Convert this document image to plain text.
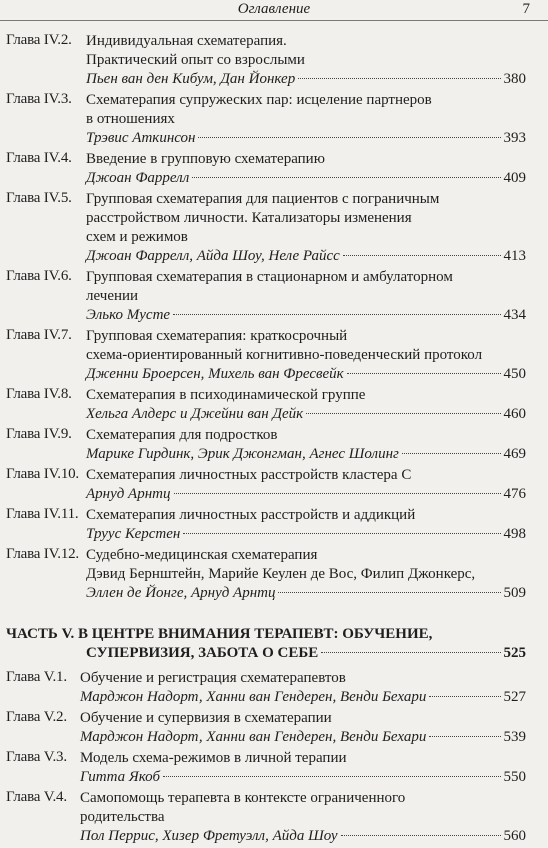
Оглавление	7
Глава IV.2. Индивидуальная схематерапия.
Практический опыт со взрослыми
Пьен ван ден Кибум, Дан Йонкер	380
Глава IV.3. Схематерапия супружеских пар: исцеление партнеров
в отношениях
Трэвис Аткинсон	393
Глава IV.4. Введение в групповую схематерапию
Джоан Фаррелл	409
Глава IV.5. Групповая схематерапия для пациентов с пограничным
расстройством личности. Катализаторы изменения
схем и режимов
Джоан Фаррелл, Айда Шоу, Неле Райсс	413
Глава IV.6. Групповая схематерапия в стационарном и амбулаторном
лечении
Элько Мусте	434
Глава IV.7. Групповая схематерапия: краткосрочный
схема-ориентированный когнитивно-поведенческий протокол
Дженни Броерсен, Михель ван Фресвейк	450
Глава IV.8. Схематерапия в психодинамической группе
Хельга Алдерс и Джейни ван Дейк	460
Глава IV.9. Схематерапия для подростков
Марике Гирдинк, Эрик Джонгман, Агнес Шолинг	469
Глава IV.10. Схематерапия личностных расстройств кластера С
Арнуд Арнтц	476
Глава IV.11. Схематерапия личностных расстройств и аддикций
Труус Керстен	498
Глава IV.12. Судебно-медицинская схематерапия
Дэвид Бернштейн, Марийе Кеулен де Вос, Филип Джонкерс,
Эллен де Йонге, Арнуд Арнтц	509
ЧАСТЬ V. В ЦЕНТРЕ ВНИМАНИЯ ТЕРАПЕВТ: ОБУЧЕНИЕ,
СУПЕРВИЗИЯ, ЗАБОТА О СЕБЕ	525
Глава V.1. Обучение и регистрация схематерапевтов
Марджон Надорт, Ханни ван Гендерен, Венди Бехари	527
Глава V.2. Обучение и супервизия в схематерапии
Марджон Надорт, Ханни ван Гендерен, Венди Бехари	539
Глава V.3. Модель схема-режимов в личной терапии
Гитта Якоб	550
Глава V.4. Самопомощь терапевта в контексте ограниченного
родительства
Пол Перрис, Хизер Фретуэлл, Айда Шоу	560
